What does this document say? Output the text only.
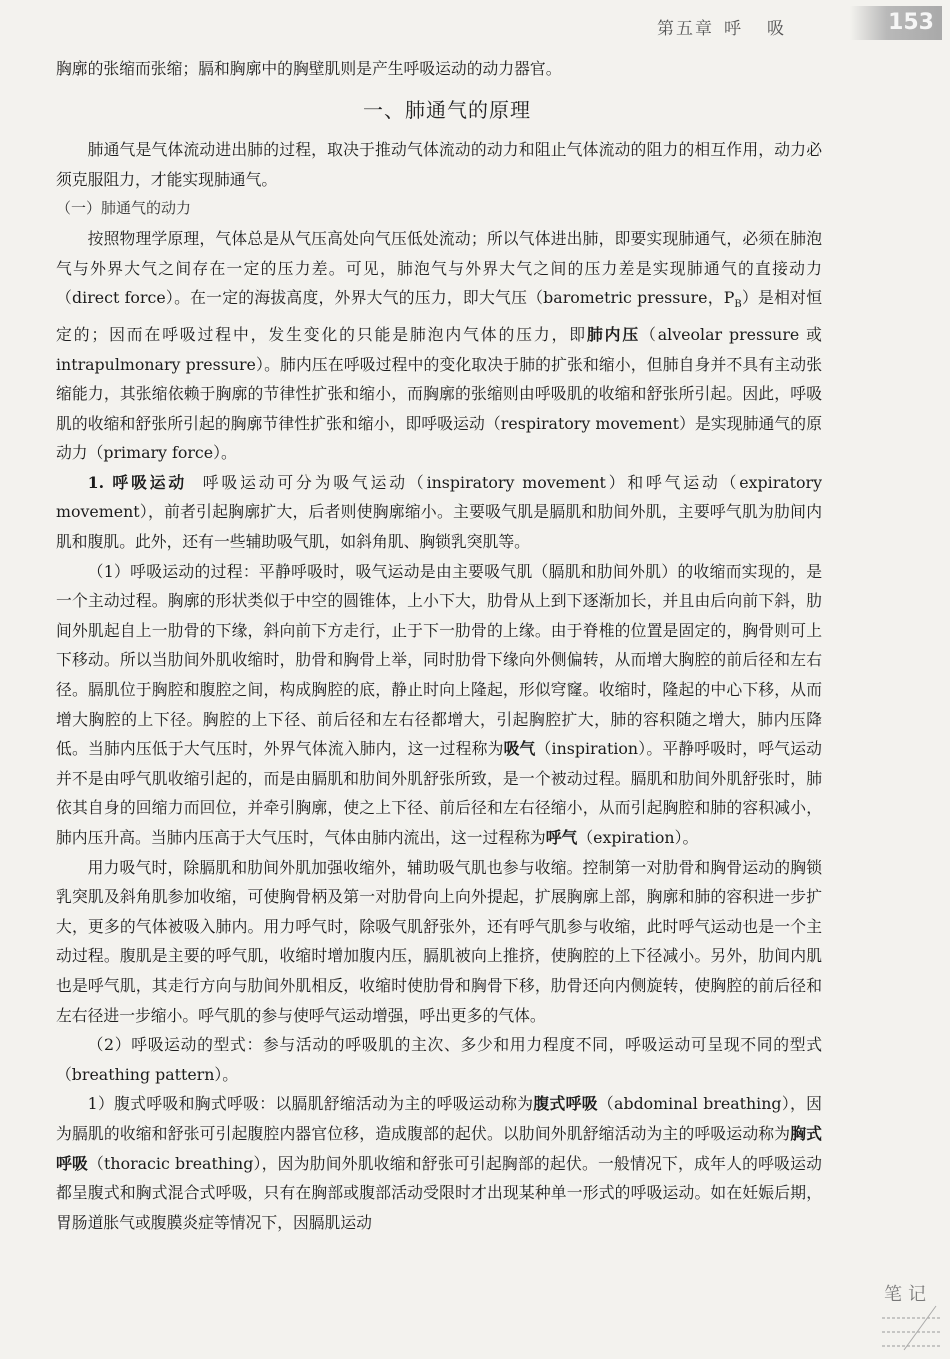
第五章 呼吸	153

胸廓的张缩而张缩；膈和胸廓中的胸壁肌则是产生呼吸运动的动力器官。

一、肺通气的原理

肺通气是气体流动进出肺的过程，取决于推动气体流动的动力和阻止气体流动的阻力的相互作用，动力必须克服阻力，才能实现肺通气。

（一）肺通气的动力

按照物理学原理，气体总是从气压高处向气压低处流动；所以气体进出肺，即要实现肺通气，必须在肺泡气与外界大气之间存在一定的压力差。可见，肺泡气与外界大气之间的压力差是实现肺通气的直接动力（direct force）。在一定的海拔高度，外界大气的压力，即大气压（barometric pressure，$P_B$）是相对恒定的；因而在呼吸过程中，发生变化的只能是肺泡内气体的压力，即肺内压（alveolar pressure 或 intrapulmonary pressure）。肺内压在呼吸过程中的变化取决于肺的扩张和缩小，但肺自身并不具有主动张缩能力，其张缩依赖于胸廓的节律性扩张和缩小，而胸廓的张缩则由呼吸肌的收缩和舒张所引起。因此，呼吸肌的收缩和舒张所引起的胸廓节律性扩张和缩小，即呼吸运动（respiratory movement）是实现肺通气的原动力（primary force）。

1. 呼吸运动 呼吸运动可分为吸气运动（inspiratory movement）和呼气运动（expiratory movement），前者引起胸廓扩大，后者则使胸廓缩小。主要吸气肌是膈肌和肋间外肌，主要呼气肌为肋间内肌和腹肌。此外，还有一些辅助吸气肌，如斜角肌、胸锁乳突肌等。

（1）呼吸运动的过程：平静呼吸时，吸气运动是由主要吸气肌（膈肌和肋间外肌）的收缩而实现的，是一个主动过程。胸廓的形状类似于中空的圆锥体，上小下大，肋骨从上到下逐渐加长，并且由后向前下斜，肋间外肌起自上一肋骨的下缘，斜向前下方走行，止于下一肋骨的上缘。由于脊椎的位置是固定的，胸骨则可上下移动。所以当肋间外肌收缩时，肋骨和胸骨上举，同时肋骨下缘向外侧偏转，从而增大胸腔的前后径和左右径。膈肌位于胸腔和腹腔之间，构成胸腔的底，静止时向上隆起，形似穹窿。收缩时，隆起的中心下移，从而增大胸腔的上下径。胸腔的上下径、前后径和左右径都增大，引起胸腔扩大，肺的容积随之增大，肺内压降低。当肺内压低于大气压时，外界气体流入肺内，这一过程称为吸气（inspiration）。平静呼吸时，呼气运动并不是由呼气肌收缩引起的，而是由膈肌和肋间外肌舒张所致，是一个被动过程。膈肌和肋间外肌舒张时，肺依其自身的回缩力而回位，并牵引胸廓，使之上下径、前后径和左右径缩小，从而引起胸腔和肺的容积减小，肺内压升高。当肺内压高于大气压时，气体由肺内流出，这一过程称为呼气（expiration）。

用力吸气时，除膈肌和肋间外肌加强收缩外，辅助吸气肌也参与收缩。控制第一对肋骨和胸骨运动的胸锁乳突肌及斜角肌参加收缩，可使胸骨柄及第一对肋骨向上向外提起，扩展胸廓上部，胸廓和肺的容积进一步扩大，更多的气体被吸入肺内。用力呼气时，除吸气肌舒张外，还有呼气肌参与收缩，此时呼气运动也是一个主动过程。腹肌是主要的呼气肌，收缩时增加腹内压，膈肌被向上推挤，使胸腔的上下径减小。另外，肋间内肌也是呼气肌，其走行方向与肋间外肌相反，收缩时使肋骨和胸骨下移，肋骨还向内侧旋转，使胸腔的前后径和左右径进一步缩小。呼气肌的参与使呼气运动增强，呼出更多的气体。

（2）呼吸运动的型式：参与活动的呼吸肌的主次、多少和用力程度不同，呼吸运动可呈现不同的型式（breathing pattern）。

1）腹式呼吸和胸式呼吸：以膈肌舒缩活动为主的呼吸运动称为腹式呼吸（abdominal breathing），因为膈肌的收缩和舒张可引起腹腔内器官位移，造成腹部的起伏。以肋间外肌舒缩活动为主的呼吸运动称为胸式呼吸（thoracic breathing），因为肋间外肌收缩和舒张可引起胸部的起伏。一般情况下，成年人的呼吸运动都呈腹式和胸式混合式呼吸，只有在胸部或腹部活动受限时才出现某种单一形式的呼吸运动。如在妊娠后期，胃肠道胀气或腹膜炎症等情况下，因膈肌运动

笔记
